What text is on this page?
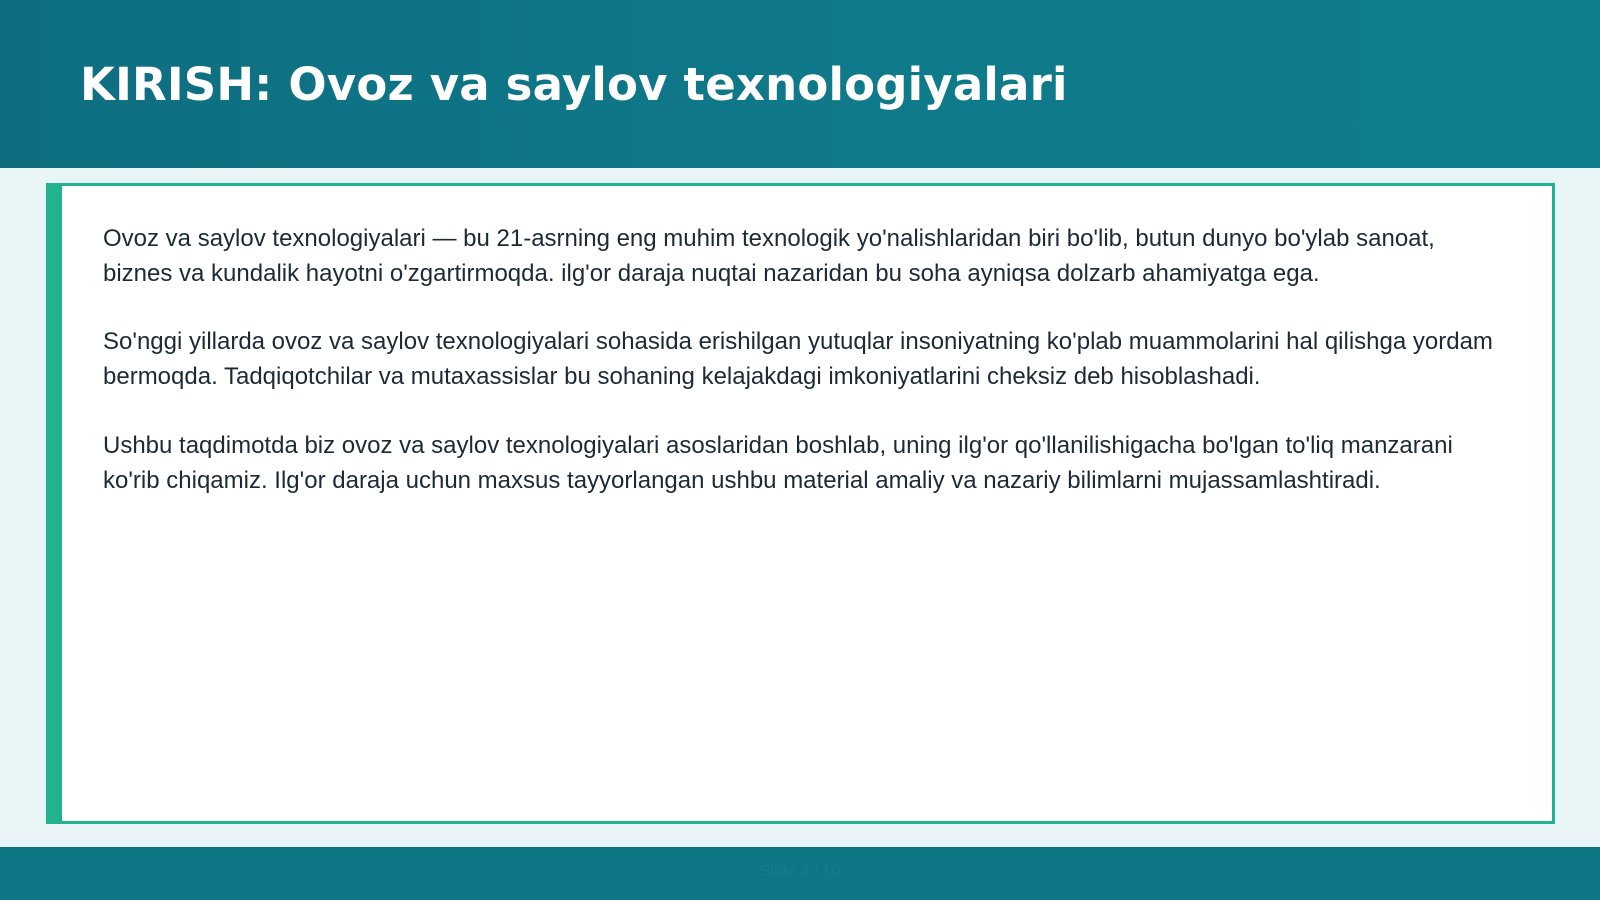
KIRISH: Ovoz va saylov texnologiyalari

Ovoz va saylov texnologiyalari — bu 21-asrning eng muhim texnologik yo'nalishlaridan biri bo'lib, butun dunyo bo'ylab sanoat, biznes va kundalik hayotni o'zgartirmoqda. ilg'or daraja nuqtai nazaridan bu soha ayniqsa dolzarb ahamiyatga ega.

So'nggi yillarda ovoz va saylov texnologiyalari sohasida erishilgan yutuqlar insoniyatning ko'plab muammolarini hal qilishga yordam bermoqda. Tadqiqotchilar va mutaxassislar bu sohaning kelajakdagi imkoniyatlarini cheksiz deb hisoblashadi.

Ushbu taqdimotda biz ovoz va saylov texnologiyalari asoslaridan boshlab, uning ilg'or qo'llanilishigacha bo'lgan to'liq manzarani ko'rib chiqamiz. Ilg'or daraja uchun maxsus tayyorlangan ushbu material amaliy va nazariy bilimlarni mujassamlashtiradi.

Slide 2 / 10
